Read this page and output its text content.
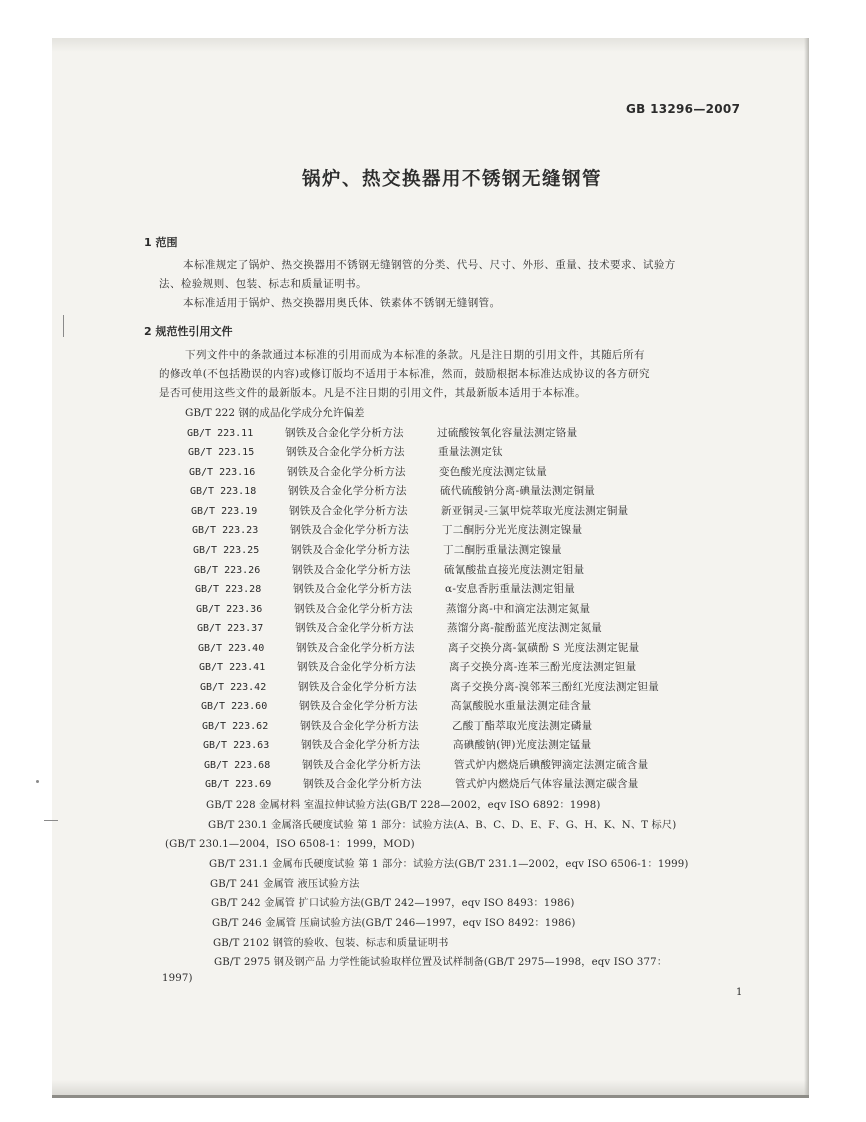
GB 13296—2007
锅炉、热交换器用不锈钢无缝钢管
1 范围
本标准规定了锅炉、热交换器用不锈钢无缝钢管的分类、代号、尺寸、外形、重量、技术要求、试验方
法、检验规则、包装、标志和质量证明书。
本标准适用于锅炉、热交换器用奥氏体、铁素体不锈钢无缝钢管。
2 规范性引用文件
下列文件中的条款通过本标准的引用而成为本标准的条款。凡是注日期的引用文件，其随后所有
的修改单(不包括勘误的内容)或修订版均不适用于本标准，然而，鼓励根据本标准达成协议的各方研究
是否可使用这些文件的最新版本。凡是不注日期的引用文件，其最新版本适用于本标准。
GB/T 222 钢的成品化学成分允许偏差
GB/T 223.11	钢铁及合金化学分析方法	过硫酸铵氧化容量法测定铬量
GB/T 223.15	钢铁及合金化学分析方法	重量法测定钛
GB/T 223.16	钢铁及合金化学分析方法	变色酸光度法测定钛量
GB/T 223.18	钢铁及合金化学分析方法	硫代硫酸钠分离-碘量法测定铜量
GB/T 223.19	钢铁及合金化学分析方法	新亚铜灵-三氯甲烷萃取光度法测定铜量
GB/T 223.23	钢铁及合金化学分析方法	丁二酮肟分光光度法测定镍量
GB/T 223.25	钢铁及合金化学分析方法	丁二酮肟重量法测定镍量
GB/T 223.26	钢铁及合金化学分析方法	硫氰酸盐直接光度法测定钼量
GB/T 223.28	钢铁及合金化学分析方法	α-安息香肟重量法测定钼量
GB/T 223.36	钢铁及合金化学分析方法	蒸馏分离-中和滴定法测定氮量
GB/T 223.37	钢铁及合金化学分析方法	蒸馏分离-靛酚蓝光度法测定氮量
GB/T 223.40	钢铁及合金化学分析方法	离子交换分离-氯磺酚 S 光度法测定铌量
GB/T 223.41	钢铁及合金化学分析方法	离子交换分离-连苯三酚光度法测定钽量
GB/T 223.42	钢铁及合金化学分析方法	离子交换分离-溴邻苯三酚红光度法测定钽量
GB/T 223.60	钢铁及合金化学分析方法	高氯酸脱水重量法测定硅含量
GB/T 223.62	钢铁及合金化学分析方法	乙酸丁酯萃取光度法测定磷量
GB/T 223.63	钢铁及合金化学分析方法	高碘酸钠(钾)光度法测定锰量
GB/T 223.68	钢铁及合金化学分析方法	管式炉内燃烧后碘酸钾滴定法测定硫含量
GB/T 223.69	钢铁及合金化学分析方法	管式炉内燃烧后气体容量法测定碳含量
GB/T 228 金属材料 室温拉伸试验方法(GB/T 228—2002，eqv ISO 6892：1998)
GB/T 230.1 金属洛氏硬度试验 第 1 部分：试验方法(A、B、C、D、E、F、G、H、K、N、T 标尺)
(GB/T 230.1—2004，ISO 6508-1：1999，MOD)
GB/T 231.1 金属布氏硬度试验 第 1 部分：试验方法(GB/T 231.1—2002，eqv ISO 6506-1：1999)
GB/T 241 金属管 液压试验方法
GB/T 242 金属管 扩口试验方法(GB/T 242—1997，eqv ISO 8493：1986)
GB/T 246 金属管 压扁试验方法(GB/T 246—1997，eqv ISO 8492：1986)
GB/T 2102 钢管的验收、包装、标志和质量证明书
GB/T 2975 钢及钢产品 力学性能试验取样位置及试样制备(GB/T 2975—1998，eqv ISO 377：
1997)
1
